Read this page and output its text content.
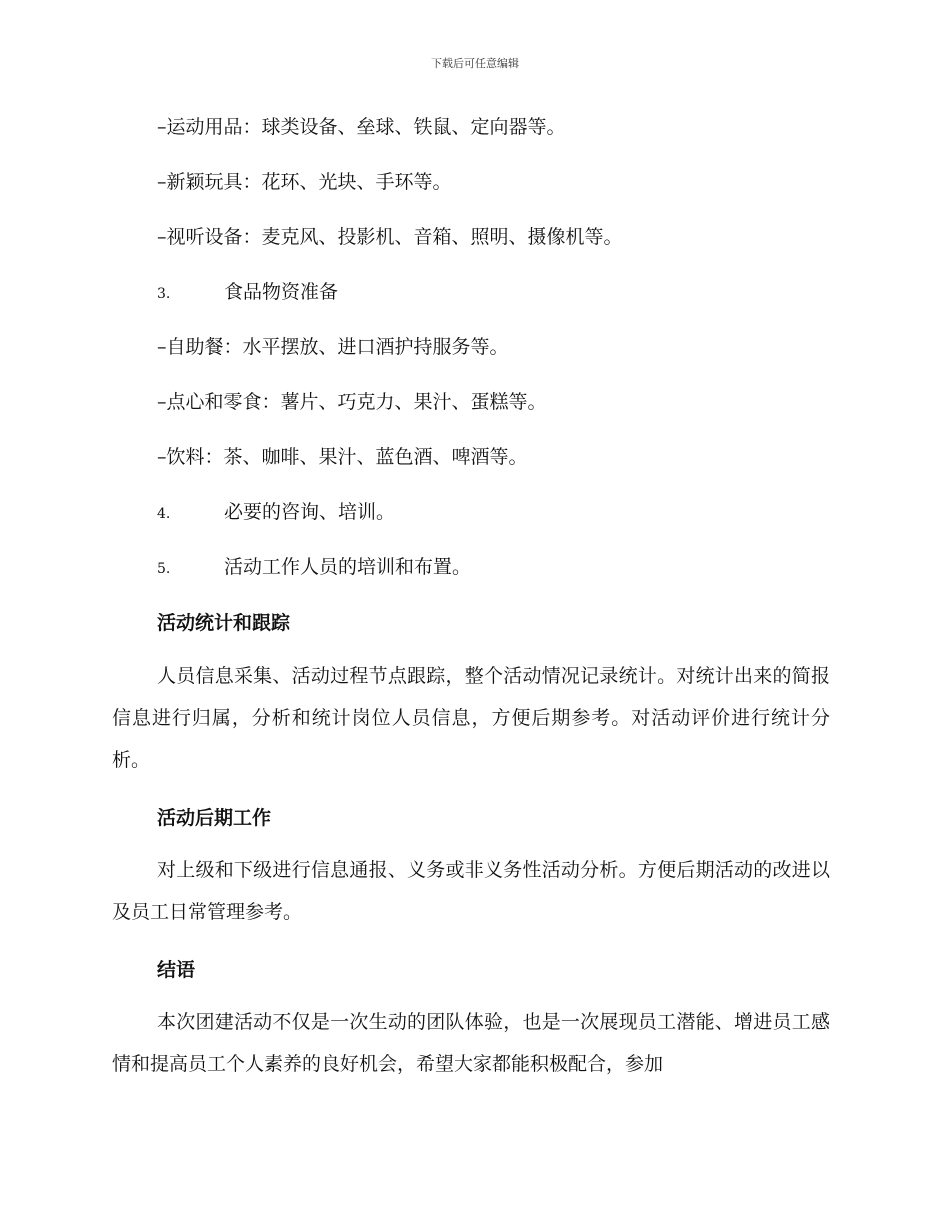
下载后可任意编辑
–运动用品：球类设备、垒球、铁鼠、定向器等。
–新颖玩具：花环、光块、手环等。
–视听设备：麦克风、投影机、音箱、照明、摄像机等。
3.	食品物资准备
–自助餐：水平摆放、进口酒护持服务等。
–点心和零食：薯片、巧克力、果汁、蛋糕等。
–饮料：茶、咖啡、果汁、蓝色酒、啤酒等。
4.	必要的咨询、培训。
5.	活动工作人员的培训和布置。
活动统计和跟踪

人员信息采集、活动过程节点跟踪，整个活动情况记录统计。对统计出来的简报信息进行归属，分析和统计岗位人员信息，方便后期参考。对活动评价进行统计分析。

活动后期工作

对上级和下级进行信息通报、义务或非义务性活动分析。方便后期活动的改进以及员工日常管理参考。

结语

本次团建活动不仅是一次生动的团队体验，也是一次展现员工潜能、增进员工感情和提高员工个人素养的良好机会，希望大家都能积极配合，参加
